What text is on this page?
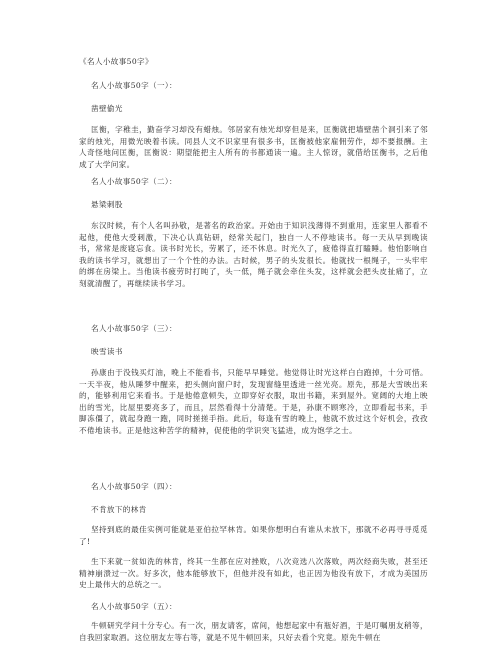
《名人小故事50字》
名人小故事50字（一）：
凿壁偷光
匡衡，字稚圭，勤奋学习却没有蜡烛。邻居家有烛光却穿但是来，匡衡就把墙壁凿个洞引来了邻家的烛光，用微光映着书读。同县人文不识家里有很多书，匡衡被他家雇佣劳作，却不要报酬。主人奇怪地问匡衡，匡衡说：期望能把主人所有的书都通读一遍。主人惊讶，就借给匡衡书，之后他成了大学问家。
名人小故事50字（二）：
悬梁刺股
东汉时候，有个人名叫孙敬，是著名的政治家。开始由于知识浅薄得不到重用，连家里人都看不起他，使他大受刺激，下决心认真钻研，经常关起门，独自一人不停地读书。每一天从早到晚读书，常常是废寝忘食。读书时光长，劳累了，还不休息。时光久了，疲倦得直打瞌睡。他怕影响自我的读书学习，就想出了一个个性的办法。古时候，男子的头发很长。他就找一根绳子，一头牢牢的绑在房梁上。当他读书疲劳时打盹了，头一低，绳子就会牵住头发，这样就会把头皮扯痛了，立刻就清醒了，再继续读书学习。
名人小故事50字（三）：
映雪读书
孙康由于没钱买灯油，晚上不能看书，只能早早睡觉。他觉得让时光这样白白跑掉，十分可惜。一天半夜，他从睡梦中醒来，把头侧向窗户时，发现窗缝里透进一丝光亮。原先，那是大雪映出来的，能够利用它来看书。于是他倦意顿失，立即穿好衣服，取出书籍，来到屋外。宽阔的大地上映出的雪光，比屋里要亮多了，而且，层然看得十分清楚。于是，孙康不顾寒冷，立即看起书来，手脚冻僵了，就起身跑一跑，同时搓搓手指。此后，每逢有雪的晚上，他就不放过这个好机会，孜孜不倦地读书。正是他这种苦学的精神，促使他的学识突飞猛进，成为饱学之士。
名人小故事50字（四）：
不肯放下的林肯
坚持到底的最佳实例可能就是亚伯拉罕林肯。如果你想明白有谁从未放下，那就不必再寻寻觅觅了!
生下来就一贫如洗的林肯，终其一生都在应对挫败，八次竞选八次落败，两次经商失败，甚至还精神崩溃过一次。好多次，他本能够放下，但他并没有如此，也正因为他没有放下，才成为美国历史上最伟大的总统之一。
名人小故事50字（五）：
牛顿研究学问十分专心。有一次，朋友请客，席间，他想起家中有瓶好酒，于是叮嘱朋友稍等，自我回家取酒。这位朋友左等右等，就是不见牛顿回来，只好去看个究竟。原先牛顿在
